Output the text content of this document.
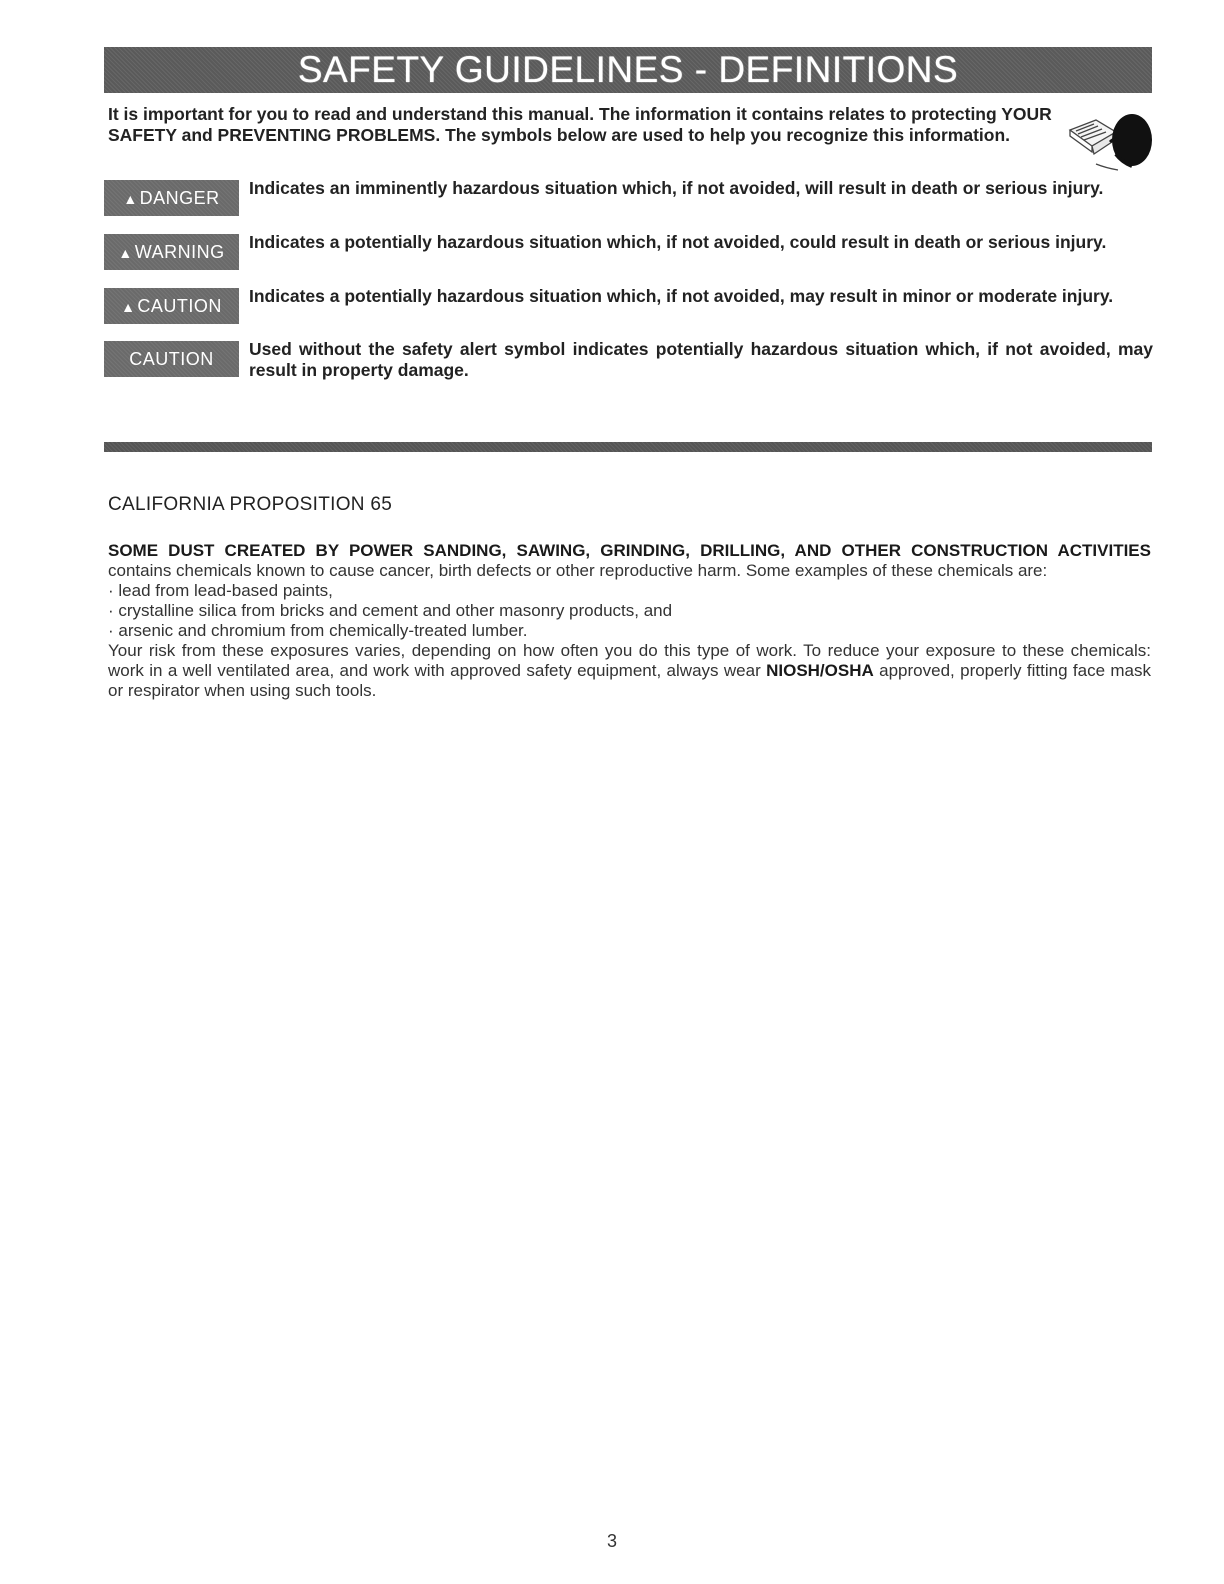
SAFETY GUIDELINES - DEFINITIONS

It is important for you to read and understand this manual. The information it contains relates to protecting YOUR SAFETY and PREVENTING PROBLEMS. The symbols below are used to help you recognize this information.

▲ DANGER Indicates an imminently hazardous situation which, if not avoided, will result in death or serious injury.
▲ WARNING Indicates a potentially hazardous situation which, if not avoided, could result in death or serious injury.
▲ CAUTION Indicates a potentially hazardous situation which, if not avoided, may result in minor or moderate injury.
CAUTION Used without the safety alert symbol indicates potentially hazardous situation which, if not avoided, may result in property damage.
CALIFORNIA PROPOSITION 65

SOME DUST CREATED BY POWER SANDING, SAWING, GRINDING, DRILLING, AND OTHER CONSTRUCTION ACTIVITIES contains chemicals known to cause cancer, birth defects or other reproductive harm. Some examples of these chemicals are:

· lead from lead-based paints,

· crystalline silica from bricks and cement and other masonry products, and

· arsenic and chromium from chemically-treated lumber.

Your risk from these exposures varies, depending on how often you do this type of work. To reduce your exposure to these chemicals: work in a well ventilated area, and work with approved safety equipment, always wear NIOSH/OSHA approved, properly fitting face mask or respirator when using such tools.

3
